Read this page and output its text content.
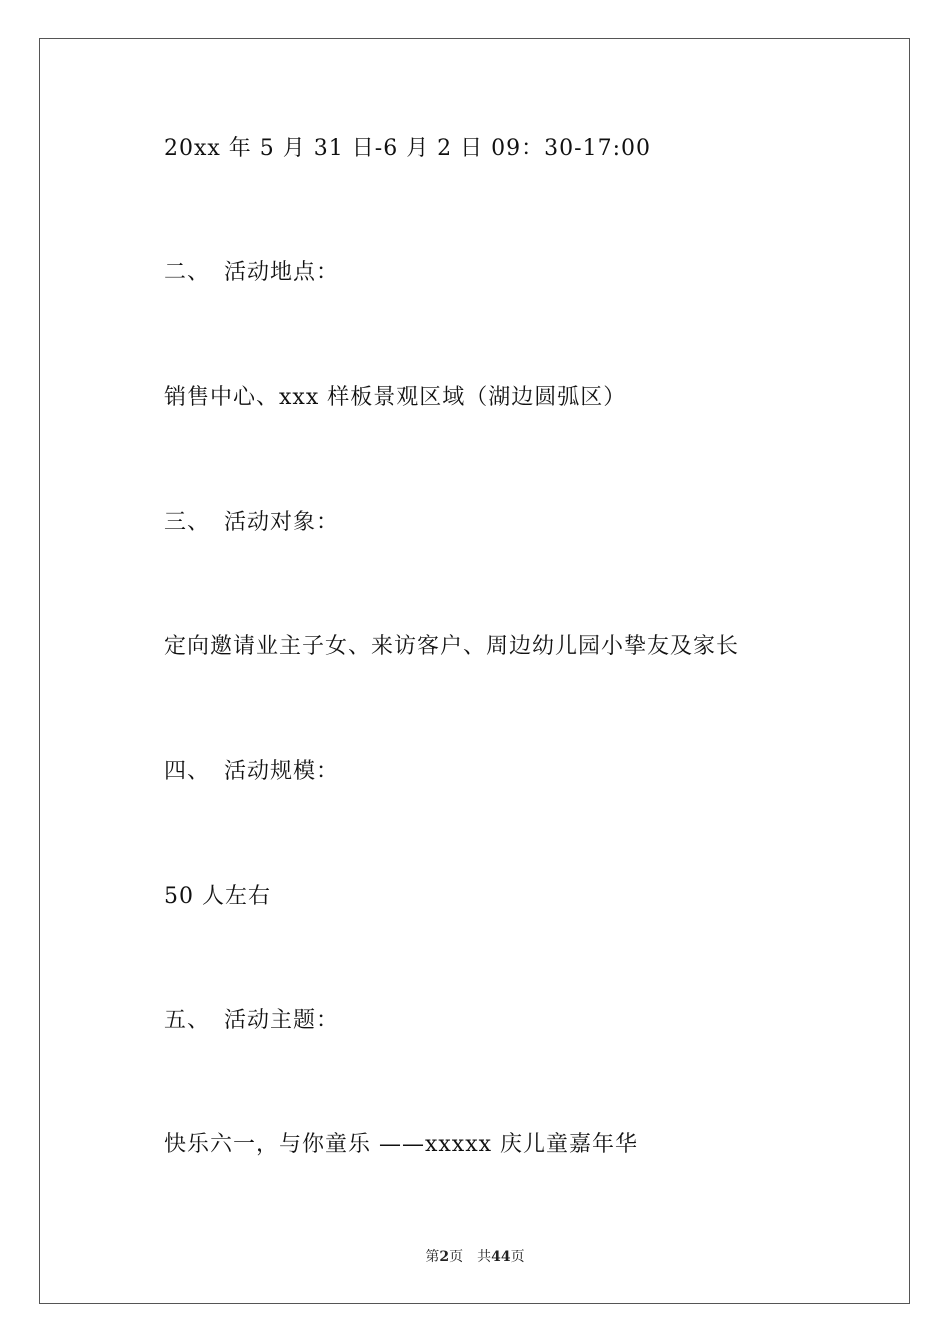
20xx 年 5 月 31 日-6 月 2 日 09：30-17:00
二、 活动地点：
销售中心、xxx 样板景观区域（湖边圆弧区）
三、 活动对象：
定向邀请业主子女、来访客户、周边幼儿园小挚友及家长
四、 活动规模：
50 人左右
五、 活动主题：
快乐六一，与你童乐 ——xxxxx 庆儿童嘉年华
第2页 共44页
